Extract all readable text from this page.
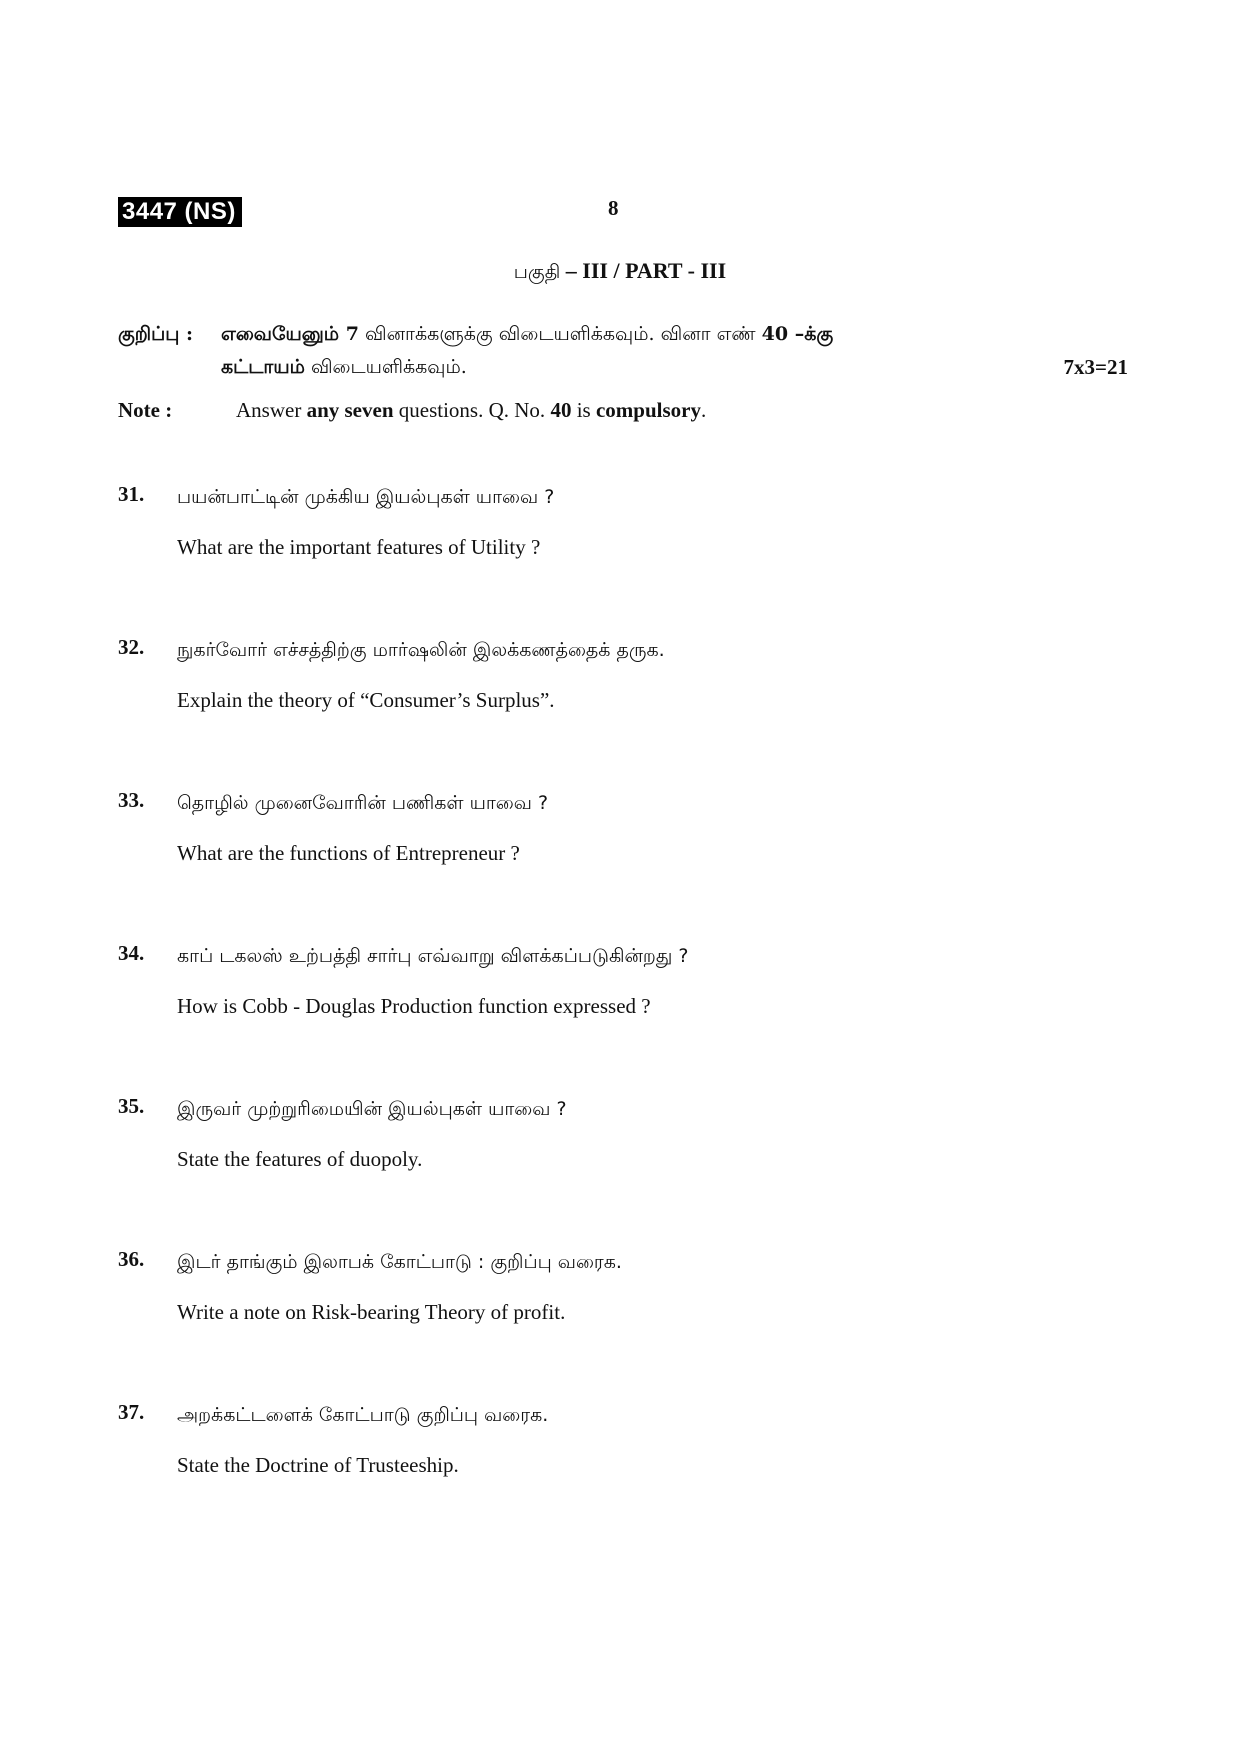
3447 (NS)	8
பகுதி – III / PART - III
குறிப்பு : எவையேனும் 7 வினாக்களுக்கு விடையளிக்கவும். வினா எண் 40 –க்கு
கட்டாயம் விடையளிக்கவும்.	7x3=21
Note :	Answer any seven questions. Q. No. 40 is compulsory.
31. பயன்பாட்டின் முக்கிய இயல்புகள் யாவை ?
What are the important features of Utility ?
32. நுகர்வோர் எச்சத்திற்கு மார்ஷலின் இலக்கணத்தைக் தருக.
Explain the theory of “Consumer’s Surplus”.
33. தொழில் முனைவோரின் பணிகள் யாவை ?
What are the functions of Entrepreneur ?
34. காப் டகலஸ் உற்பத்தி சார்பு எவ்வாறு விளக்கப்படுகின்றது ?
How is Cobb - Douglas Production function expressed ?
35. இருவர் முற்றுரிமையின் இயல்புகள் யாவை ?
State the features of duopoly.
36. இடர் தாங்கும் இலாபக் கோட்பாடு : குறிப்பு வரைக.
Write a note on Risk-bearing Theory of profit.
37. அறக்கட்டளைக் கோட்பாடு குறிப்பு வரைக.
State the Doctrine of Trusteeship.
